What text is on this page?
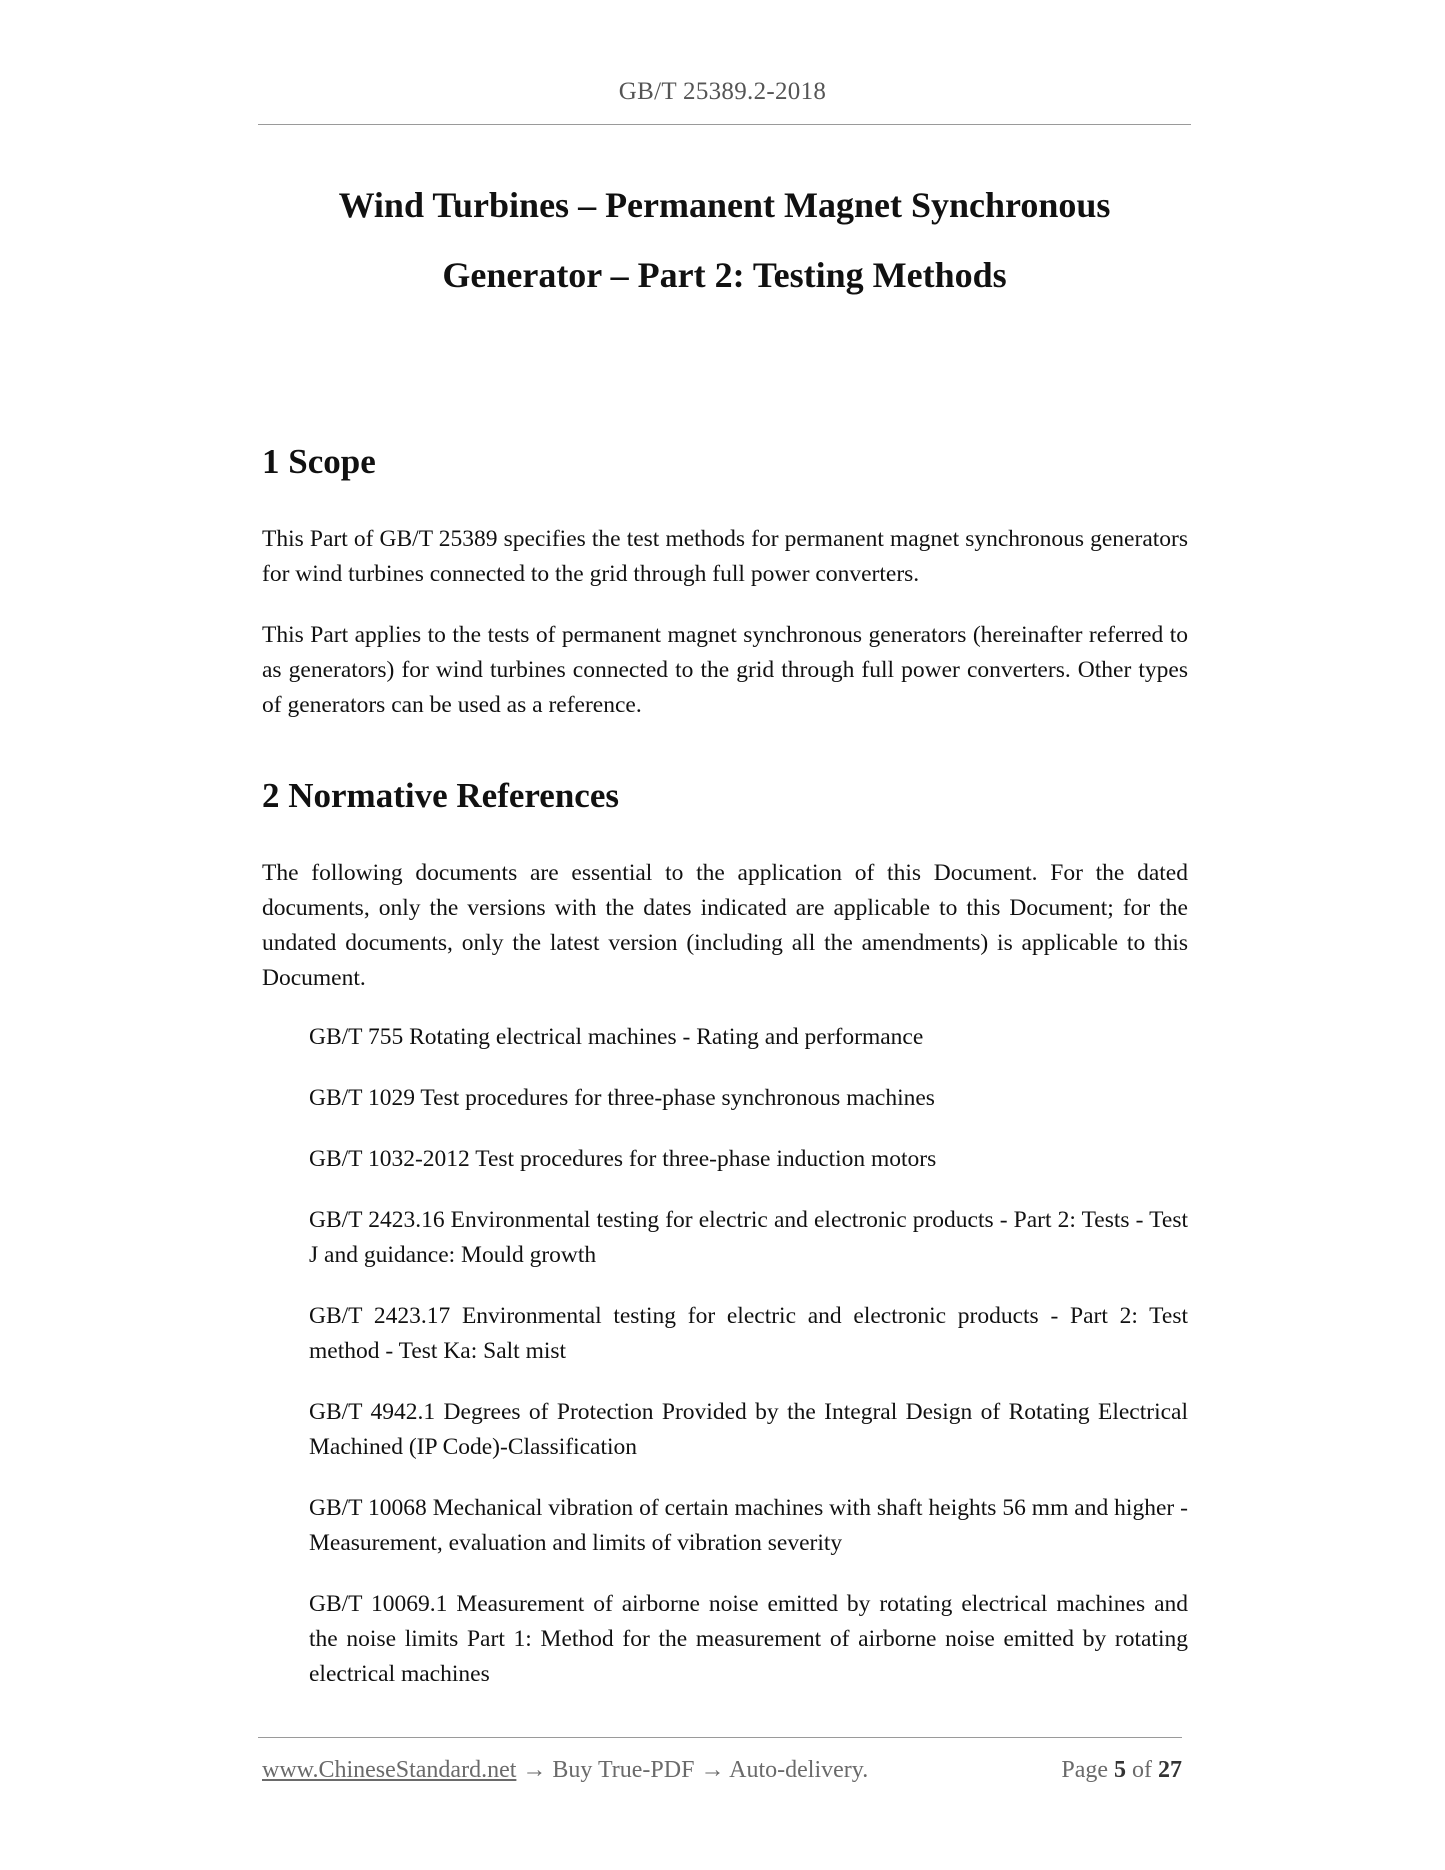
GB/T 25389.2-2018
Wind Turbines – Permanent Magnet Synchronous
Generator – Part 2: Testing Methods
1 Scope
This Part of GB/T 25389 specifies the test methods for permanent magnet synchronous generators for wind turbines connected to the grid through full power converters.
This Part applies to the tests of permanent magnet synchronous generators (hereinafter referred to as generators) for wind turbines connected to the grid through full power converters. Other types of generators can be used as a reference.
2 Normative References
The following documents are essential to the application of this Document. For the dated documents, only the versions with the dates indicated are applicable to this Document; for the undated documents, only the latest version (including all the amendments) is applicable to this Document.
GB/T 755 Rotating electrical machines - Rating and performance
GB/T 1029 Test procedures for three-phase synchronous machines
GB/T 1032-2012 Test procedures for three-phase induction motors
GB/T 2423.16 Environmental testing for electric and electronic products - Part 2: Tests - Test J and guidance: Mould growth
GB/T 2423.17 Environmental testing for electric and electronic products - Part 2: Test method - Test Ka: Salt mist
GB/T 4942.1 Degrees of Protection Provided by the Integral Design of Rotating Electrical Machined (IP Code)-Classification
GB/T 10068 Mechanical vibration of certain machines with shaft heights 56 mm and higher -Measurement, evaluation and limits of vibration severity
GB/T 10069.1 Measurement of airborne noise emitted by rotating electrical machines and the noise limits Part 1: Method for the measurement of airborne noise emitted by rotating electrical machines
www.ChineseStandard.net → Buy True-PDF → Auto-delivery.	Page 5 of 27
